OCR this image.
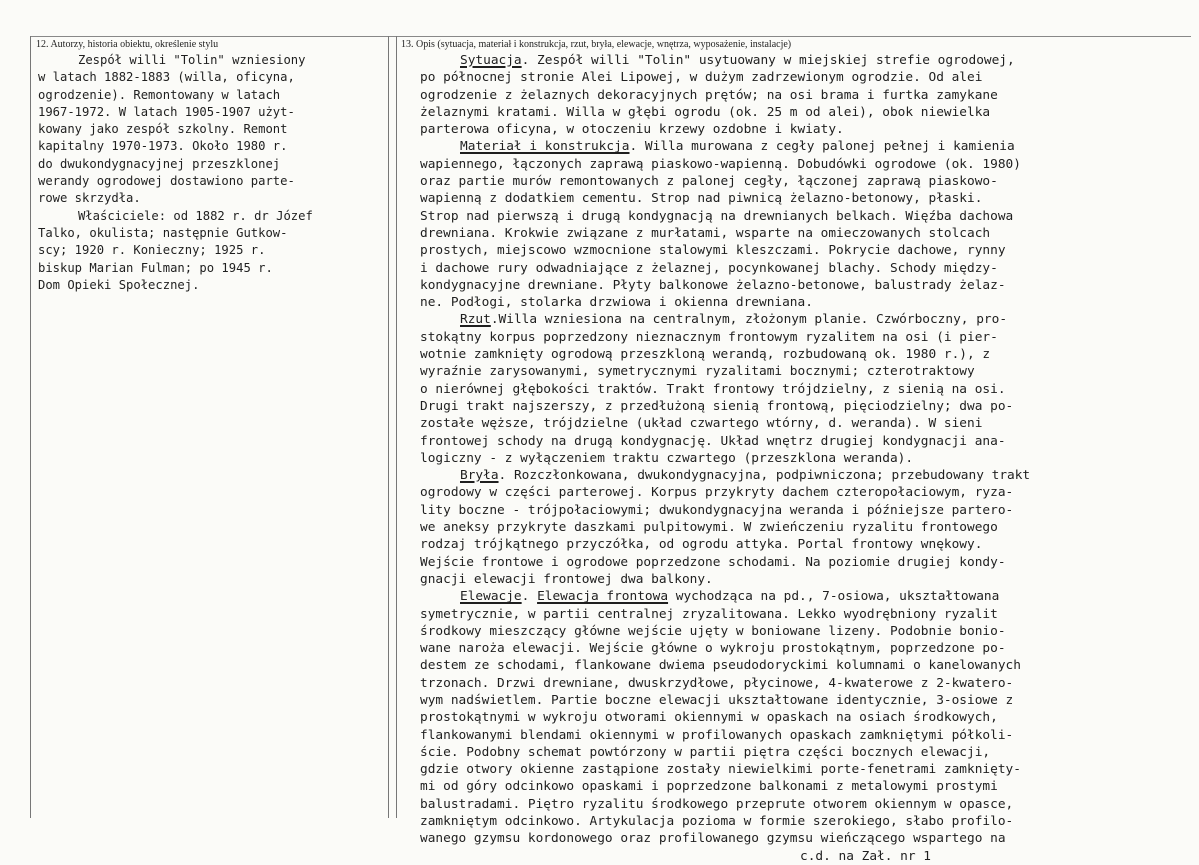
12. Autorzy, historia obiektu, określenie stylu	13. Opis (sytuacja, materiał i konstrukcja, rzut, bryła, elewacje, wnętrza, wyposażenie, instalacje)
Zespół willi "Tolin" wzniesiony
w latach 1882-1883 (willa, oficyna,
ogrodzenie). Remontowany w latach
1967-1972. W latach 1905-1907 użyt-
kowany jako zespół szkolny. Remont
kapitalny 1970-1973. Około 1980 r.
do dwukondygnacyjnej przeszklonej
werandy ogrodowej dostawiono parte-
rowe skrzydła.
Właściciele: od 1882 r. dr Józef
Talko, okulista; następnie Gutkow-
scy; 1920 r. Konieczny; 1925 r.
biskup Marian Fulman; po 1945 r.
Dom Opieki Społecznej.
Sytuacja. Zespół willi "Tolin" usytuowany w miejskiej strefie ogrodowej,
po północnej stronie Alei Lipowej, w dużym zadrzewionym ogrodzie. Od alei
ogrodzenie z żelaznych dekoracyjnych prętów; na osi brama i furtka zamykane
żelaznymi kratami. Willa w głębi ogrodu (ok. 25 m od alei), obok niewielka
parterowa oficyna, w otoczeniu krzewy ozdobne i kwiaty.
Materiał i konstrukcja. Willa murowana z cegły palonej pełnej i kamienia
wapiennego, łączonych zaprawą piaskowo-wapienną. Dobudówki ogrodowe (ok. 1980)
oraz partie murów remontowanych z palonej cegły, łączonej zaprawą piaskowo-
wapienną z dodatkiem cementu. Strop nad piwnicą żelazno-betonowy, płaski.
Strop nad pierwszą i drugą kondygnacją na drewnianych belkach. Więźba dachowa
drewniana. Krokwie związane z murłatami, wsparte na omieczowanych stolcach
prostych, miejscowo wzmocnione stalowymi kleszczami. Pokrycie dachowe, rynny
i dachowe rury odwadniające z żelaznej, pocynkowanej blachy. Schody między-
kondygnacyjne drewniane. Płyty balkonowe żelazno-betonowe, balustrady żelaz-
ne. Podłogi, stolarka drzwiowa i okienna drewniana.
Rzut.Willa wzniesiona na centralnym, złożonym planie. Czwórboczny, pro-
stokątny korpus poprzedzony nieznacznym frontowym ryzalitem na osi (i pier-
wotnie zamknięty ogrodową przeszkloną werandą, rozbudowaną ok. 1980 r.), z
wyraźnie zarysowanymi, symetrycznymi ryzalitami bocznymi; czterotraktowy
o nierównej głębokości traktów. Trakt frontowy trójdzielny, z sienią na osi.
Drugi trakt najszerszy, z przedłużoną sienią frontową, pięciodzielny; dwa po-
zostałe węższe, trójdzielne (układ czwartego wtórny, d. weranda). W sieni
frontowej schody na drugą kondygnację. Układ wnętrz drugiej kondygnacji ana-
logiczny - z wyłączeniem traktu czwartego (przeszklona weranda).
Bryła. Rozczłonkowana, dwukondygnacyjna, podpiwniczona; przebudowany trakt
ogrodowy w części parterowej. Korpus przykryty dachem czteropołaciowym, ryza-
lity boczne - trójpołaciowymi; dwukondygnacyjna weranda i późniejsze partero-
we aneksy przykryte daszkami pulpitowymi. W zwieńczeniu ryzalitu frontowego
rodzaj trójkątnego przyczółka, od ogrodu attyka. Portal frontowy wnękowy.
Wejście frontowe i ogrodowe poprzedzone schodami. Na poziomie drugiej kondy-
gnacji elewacji frontowej dwa balkony.
Elewacje. Elewacja frontowa wychodząca na pd., 7-osiowa, ukształtowana
symetrycznie, w partii centralnej zryzalitowana. Lekko wyodrębniony ryzalit
środkowy mieszczący główne wejście ujęty w boniowane lizeny. Podobnie bonio-
wane naroża elewacji. Wejście główne o wykroju prostokątnym, poprzedzone po-
destem ze schodami, flankowane dwiema pseudodoryckimi kolumnami o kanelowanych
trzonach. Drzwi drewniane, dwuskrzydłowe, płycinowe, 4-kwaterowe z 2-kwatero-
wym nadświetlem. Partie boczne elewacji ukształtowane identycznie, 3-osiowe z
prostokątnymi w wykroju otworami okiennymi w opaskach na osiach środkowych,
flankowanymi blendami okiennymi w profilowanych opaskach zamkniętymi półkoli-
ście. Podobny schemat powtórzony w partii piętra części bocznych elewacji,
gdzie otwory okienne zastąpione zostały niewielkimi porte-fenetrami zamknięty-
mi od góry odcinkowo opaskami i poprzedzone balkonami z metalowymi prostymi
balustradami. Piętro ryzalitu środkowego przeprute otworem okiennym w opasce,
zamkniętym odcinkowo. Artykulacja pozioma w formie szerokiego, słabo profilo-
wanego gzymsu kordonowego oraz profilowanego gzymsu wieńczącego wspartego na
c.d. na Zał. nr 1
